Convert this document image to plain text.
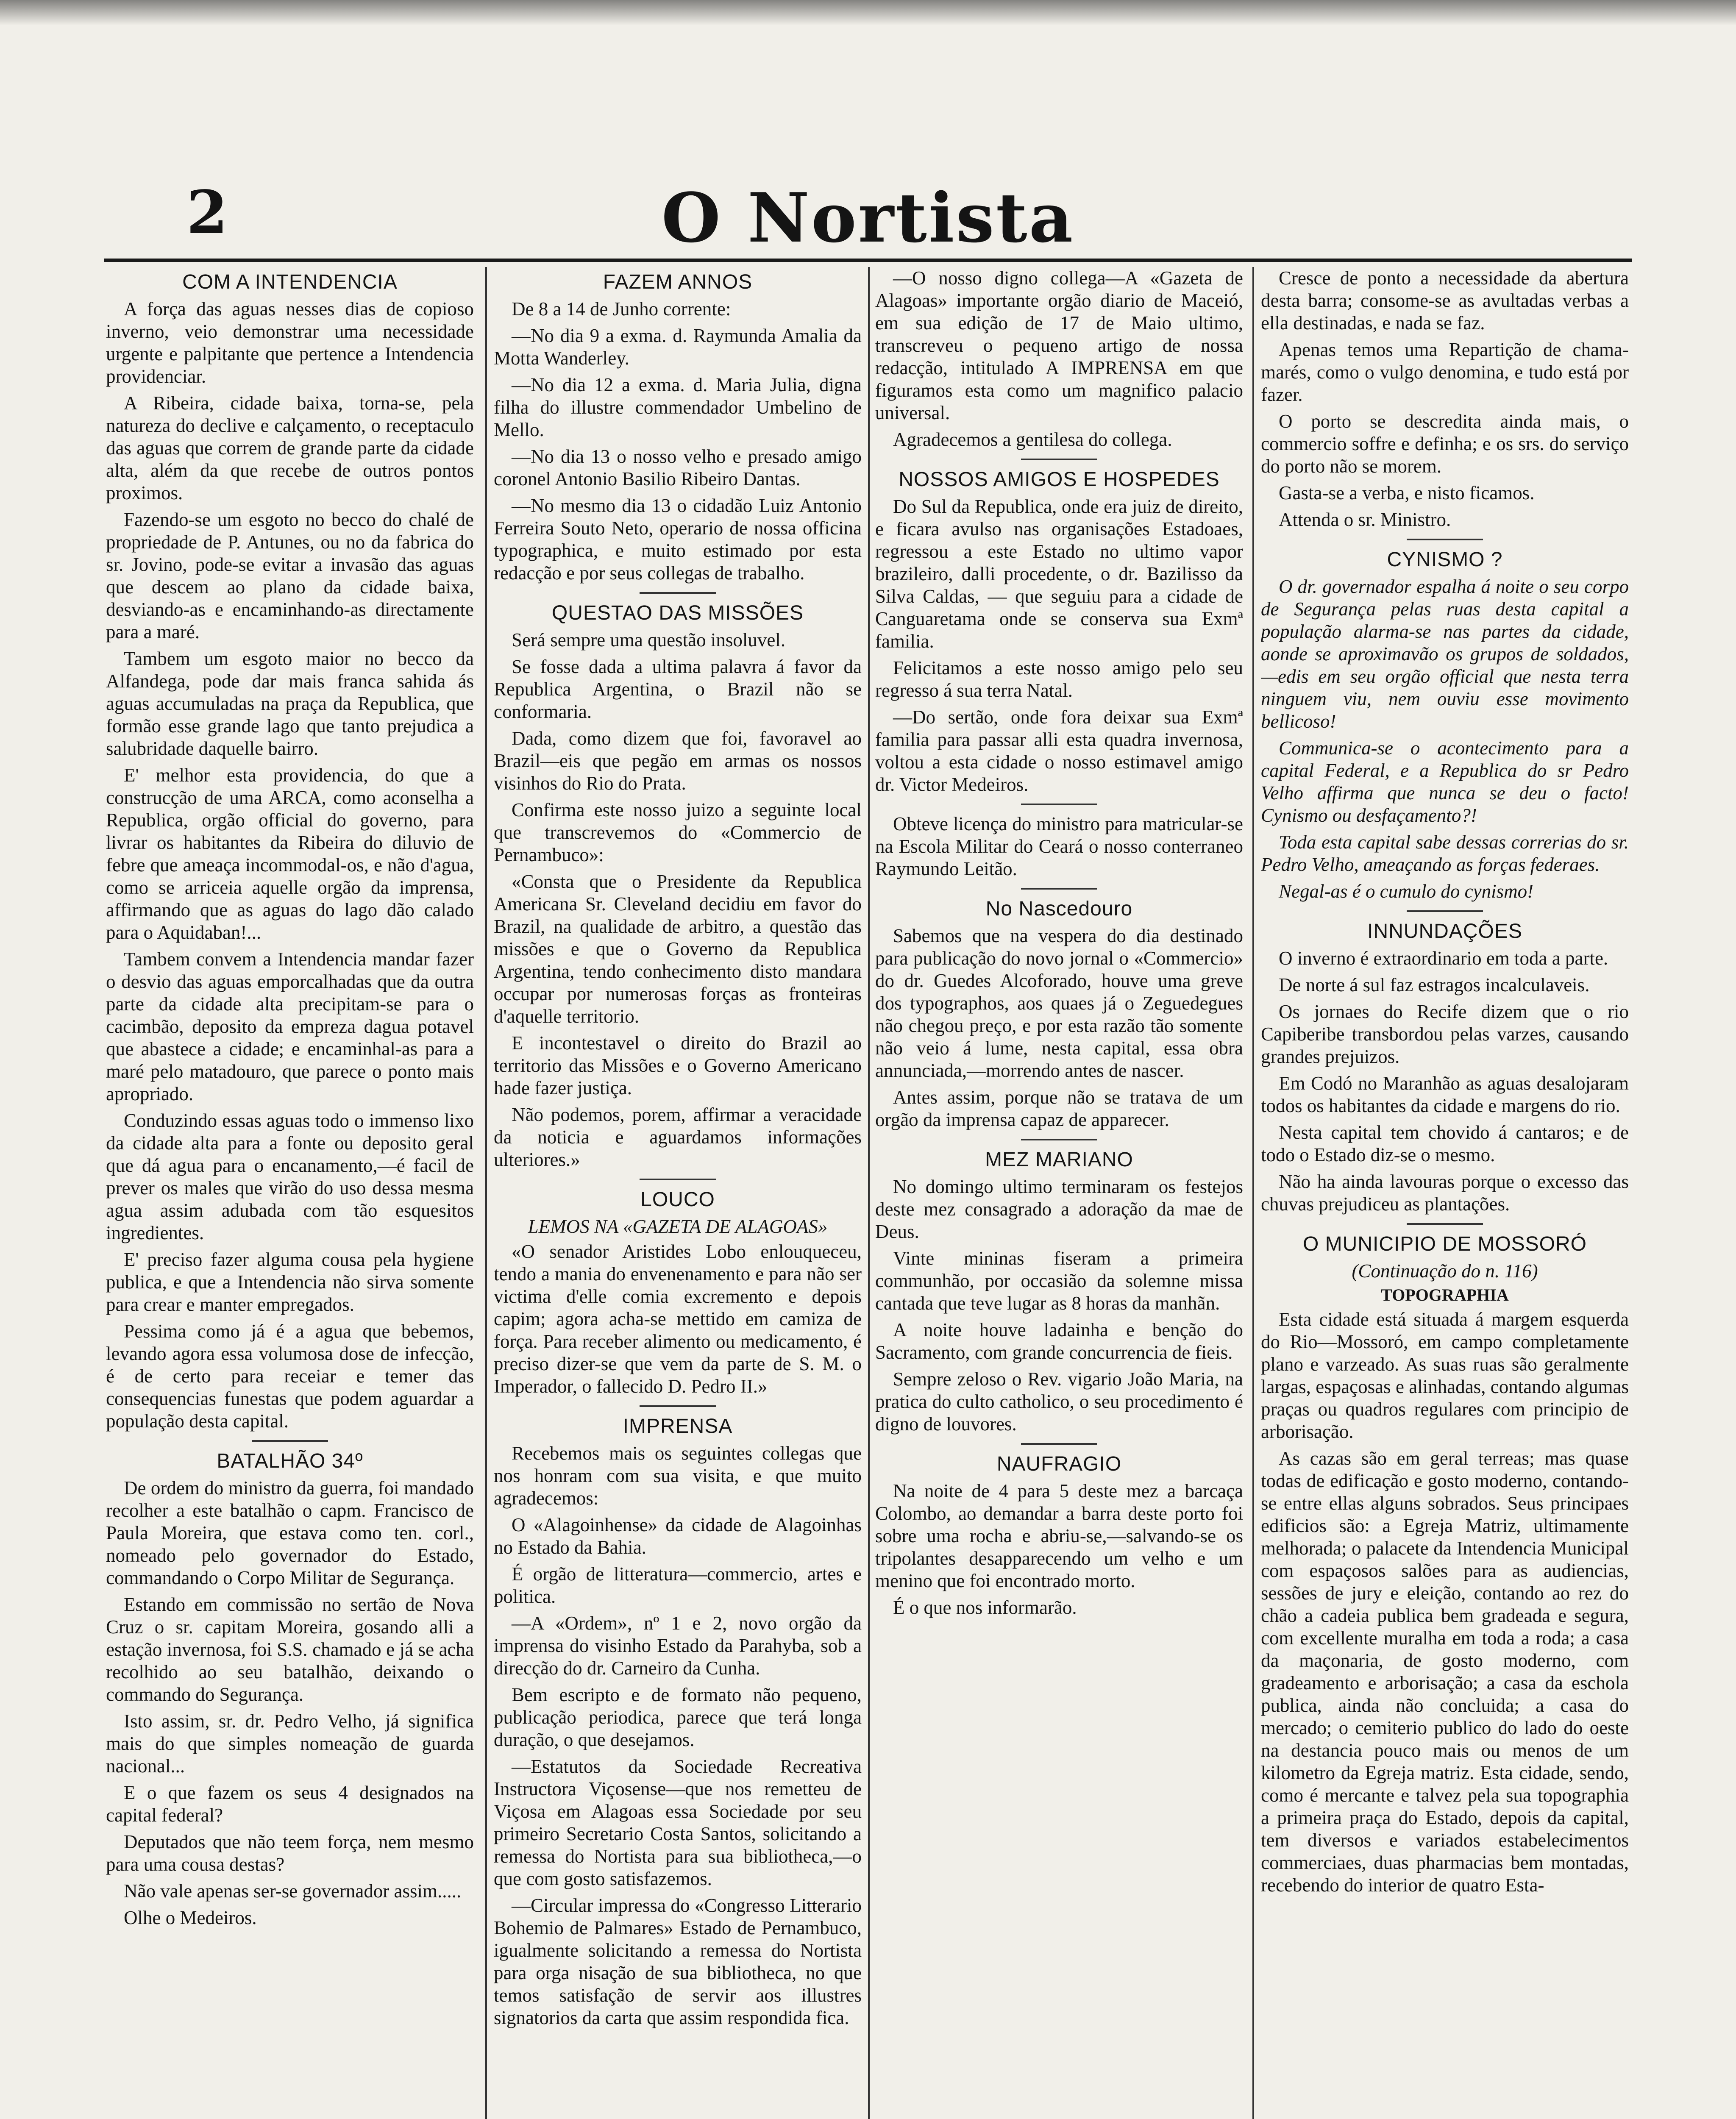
2	O Nortista
COM A INTENDENCIA

A força das aguas nesses dias de copioso inverno, veio demonstrar uma necessidade urgente e palpitante que pertence a Intendencia providenciar.

A Ribeira, cidade baixa, torna-se, pela natureza do declive e calçamento, o receptaculo das aguas que correm de grande parte da cidade alta, além da que recebe de outros pontos proximos.

Fazendo-se um esgoto no becco do chalé de propriedade de P. Antunes, ou no da fabrica do sr. Jovino, pode-se evitar a invasão das aguas que descem ao plano da cidade baixa, desviando-as e encaminhando-as directamente para a maré.

Tambem um esgoto maior no becco da Alfandega, pode dar mais franca sahida ás aguas accumuladas na praça da Republica, que formão esse grande lago que tanto prejudica a salubridade daquelle bairro.

E' melhor esta providencia, do que a construcção de uma ARCA, como aconselha a Republica, orgão official do governo, para livrar os habitantes da Ribeira do diluvio de febre que ameaça incommodal-os, e não d'agua, como se arriceia aquelle orgão da imprensa, affirmando que as aguas do lago dão calado para o Aquidaban!...

Tambem convem a Intendencia mandar fazer o desvio das aguas emporcalhadas que da outra parte da cidade alta precipitam-se para o cacimbão, deposito da empreza dagua potavel que abastece a cidade; e encaminhal-as para a maré pelo matadouro, que parece o ponto mais apropriado.

Conduzindo essas aguas todo o immenso lixo da cidade alta para a fonte ou deposito geral que dá agua para o encanamento,—é facil de prever os males que virão do uso dessa mesma agua assim adubada com tão esquesitos ingredientes.

E' preciso fazer alguma cousa pela hygiene publica, e que a Intendencia não sirva somente para crear e manter empregados.

Pessima como já é a agua que bebemos, levando agora essa volumosa dose de infecção, é de certo para receiar e temer das consequencias funestas que podem aguardar a população desta capital.

BATALHÃO 34º

De ordem do ministro da guerra, foi mandado recolher a este batalhão o capm. Francisco de Paula Moreira, que estava como ten. corl., nomeado pelo governador do Estado, commandando o Corpo Militar de Segurança.

Estando em commissão no sertão de Nova Cruz o sr. capitam Moreira, gosando alli a estação invernosa, foi S.S. chamado e já se acha recolhido ao seu batalhão, deixando o commando do Segurança.

Isto assim, sr. dr. Pedro Velho, já significa mais do que simples nomeação de guarda nacional...

E o que fazem os seus 4 designados na capital federal?

Deputados que não teem força, nem mesmo para uma cousa destas?

Não vale apenas ser-se governador assim.....

Olhe o Medeiros.

FAZEM ANNOS

De 8 a 14 de Junho corrente:

—No dia 9 a exma. d. Raymunda Amalia da Motta Wanderley.

—No dia 12 a exma. d. Maria Julia, digna filha do illustre commendador Umbelino de Mello.

—No dia 13 o nosso velho e presado amigo coronel Antonio Basilio Ribeiro Dantas.

—No mesmo dia 13 o cidadão Luiz Antonio Ferreira Souto Neto, operario de nossa officina typographica, e muito estimado por esta redacção e por seus collegas de trabalho.

QUESTAO DAS MISSÕES

Será sempre uma questão insoluvel.

Se fosse dada a ultima palavra á favor da Republica Argentina, o Brazil não se conformaria.

Dada, como dizem que foi, favoravel ao Brazil—eis que pegão em armas os nossos visinhos do Rio do Prata.

Confirma este nosso juizo a seguinte local que transcrevemos do «Commercio de Pernambuco»:

«Consta que o Presidente da Republica Americana Sr. Cleveland decidiu em favor do Brazil, na qualidade de arbitro, a questão das missões e que o Governo da Republica Argentina, tendo conhecimento disto mandara occupar por numerosas forças as fronteiras d'aquelle territorio.

E incontestavel o direito do Brazil ao territorio das Missões e o Governo Americano hade fazer justiça.

Não podemos, porem, affirmar a veracidade da noticia e aguardamos informações ulteriores.»

LOUCO

LEMOS NA «GAZETA DE ALAGOAS»

«O senador Aristides Lobo enlouqueceu, tendo a mania do envenenamento e para não ser victima d'elle comia excremento e depois capim; agora acha-se mettido em camiza de força. Para receber alimento ou medicamento, é preciso dizer-se que vem da parte de S. M. o Imperador, o fallecido D. Pedro II.»

IMPRENSA

Recebemos mais os seguintes collegas que nos honram com sua visita, e que muito agradecemos:

O «Alagoinhense» da cidade de Alagoinhas no Estado da Bahia.

É orgão de litteratura—commercio, artes e politica.

—A «Ordem», nº 1 e 2, novo orgão da imprensa do visinho Estado da Parahyba, sob a direcção do dr. Carneiro da Cunha.

Bem escripto e de formato não pequeno, publicação periodica, parece que terá longa duração, o que desejamos.

—Estatutos da Sociedade Recreativa Instructora Viçosense—que nos remetteu de Viçosa em Alagoas essa Sociedade por seu primeiro Secretario Costa Santos, solicitando a remessa do Nortista para sua bibliotheca,—o que com gosto satisfazemos.

—Circular impressa do «Congresso Litterario Bohemio de Palmares» Estado de Pernambuco, igualmente solicitando a remessa do Nortista para orga nisação de sua bibliotheca, no que temos satisfação de servir aos illustres signatorios da carta que assim respondida fica.

—O nosso digno collega—A «Gazeta de Alagoas» importante orgão diario de Maceió, em sua edição de 17 de Maio ultimo, transcreveu o pequeno artigo de nossa redacção, intitulado A IMPRENSA em que figuramos esta como um magnifico palacio universal.

Agradecemos a gentilesa do collega.

NOSSOS AMIGOS E HOSPEDES

Do Sul da Republica, onde era juiz de direito, e ficara avulso nas organisações Estadoaes, regressou a este Estado no ultimo vapor brazileiro, dalli procedente, o dr. Bazilisso da Silva Caldas, — que seguiu para a cidade de Canguaretama onde se conserva sua Exmª familia.

Felicitamos a este nosso amigo pelo seu regresso á sua terra Natal.

—Do sertão, onde fora deixar sua Exmª familia para passar alli esta quadra invernosa, voltou a esta cidade o nosso estimavel amigo dr. Victor Medeiros.

Obteve licença do ministro para matricular-se na Escola Militar do Ceará o nosso conterraneo Raymundo Leitão.

No Nascedouro

Sabemos que na vespera do dia destinado para publicação do novo jornal o «Commercio» do dr. Guedes Alcoforado, houve uma greve dos typographos, aos quaes já o Zeguedegues não chegou preço, e por esta razão tão somente não veio á lume, nesta capital, essa obra annunciada,—morrendo antes de nascer.

Antes assim, porque não se tratava de um orgão da imprensa capaz de apparecer.

MEZ MARIANO

No domingo ultimo terminaram os festejos deste mez consagrado a adoração da mae de Deus.

Vinte mininas fiseram a primeira communhão, por occasião da solemne missa cantada que teve lugar as 8 horas da manhãn.

A noite houve ladainha e benção do Sacramento, com grande concurrencia de fieis.

Sempre zeloso o Rev. vigario João Maria, na pratica do culto catholico, o seu procedimento é digno de louvores.

NAUFRAGIO

Na noite de 4 para 5 deste mez a barcaça Colombo, ao demandar a barra deste porto foi sobre uma rocha e abriu-se,—salvando-se os tripolantes desapparecendo um velho e um menino que foi encontrado morto.

É o que nos informarão.

Cresce de ponto a necessidade da abertura desta barra; consome-se as avultadas verbas a ella destinadas, e nada se faz.

Apenas temos uma Repartição de chama-marés, como o vulgo denomina, e tudo está por fazer.

O porto se descredita ainda mais, o commercio soffre e definha; e os srs. do serviço do porto não se morem.

Gasta-se a verba, e nisto ficamos.

Attenda o sr. Ministro.

CYNISMO ?

O dr. governador espalha á noite o seu corpo de Segurança pelas ruas desta capital a população alarma-se nas partes da cidade, aonde se aproximavão os grupos de soldados,—edis em seu orgão official que nesta terra ninguem viu, nem ouviu esse movimento bellicoso!

Communica-se o acontecimento para a capital Federal, e a Republica do sr Pedro Velho affirma que nunca se deu o facto! Cynismo ou desfaçamento?!

Toda esta capital sabe dessas correrias do sr. Pedro Velho, ameaçando as forças federaes.

Negal-as é o cumulo do cynismo!

INNUNDAÇÕES

O inverno é extraordinario em toda a parte.

De norte á sul faz estragos incalculaveis.

Os jornaes do Recife dizem que o rio Capiberibe transbordou pelas varzes, causando grandes prejuizos.

Em Codó no Maranhão as aguas desalojaram todos os habitantes da cidade e margens do rio.

Nesta capital tem chovido á cantaros; e de todo o Estado diz-se o mesmo.

Não ha ainda lavouras porque o excesso das chuvas prejudiceu as plantações.

O MUNICIPIO DE MOSSORÓ

(Continuação do n. 116)

TOPOGRAPHIA

Esta cidade está situada á margem esquerda do Rio—Mossoró, em campo completamente plano e varzeado. As suas ruas são geralmente largas, espaçosas e alinhadas, contando algumas praças ou quadros regulares com principio de arborisação.

As cazas são em geral terreas; mas quase todas de edificação e gosto moderno, contando-se entre ellas alguns sobrados. Seus principaes edificios são: a Egreja Matriz, ultimamente melhorada; o palacete da Intendencia Municipal com espaçosos salões para as audiencias, sessões de jury e eleição, contando ao rez do chão a cadeia publica bem gradeada e segura, com excellente muralha em toda a roda; a casa da maçonaria, de gosto moderno, com gradeamento e arborisação; a casa da eschola publica, ainda não concluida; a casa do mercado; o cemiterio publico do lado do oeste na destancia pouco mais ou menos de um kilometro da Egreja matriz. Esta cidade, sendo, como é mercante e talvez pela sua topographia a primeira praça do Estado, depois da capital, tem diversos e variados estabelecimentos commerciaes, duas pharmacias bem montadas, recebendo do interior de quatro Esta-
